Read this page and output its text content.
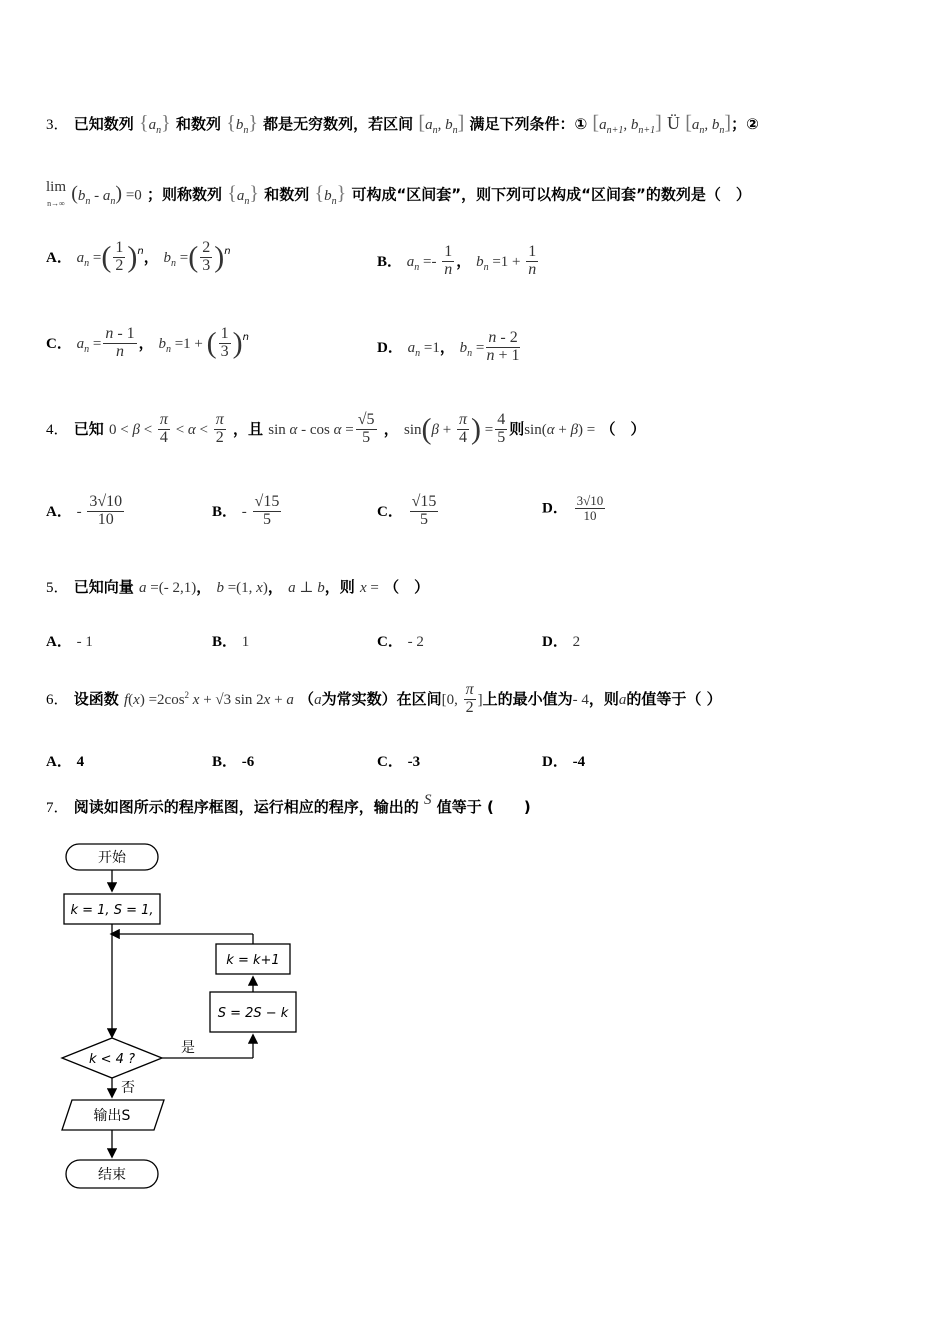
3． 已知数列 $\{a_n\}$ 和数列 $\{b_n\}$ 都是无穷数列，若区间 [$a_n$, $b_n$] 满足下列条件：① [$a_{n+1}$, $b_{n+1}$] Ü [$a_n$, $b_n$]；②
lim
n→∞ $(b_n - a_n) =0$ ；则称数列 $\{a_n\}$ 和数列 $\{b_n\}$ 可构成“区间套”，则下列可以构成“区间套”的数列是（　）
A． $a_n$ =( $\frac{1}{2} )^n$， $b_n$ =( $\frac{2}{3} )^n$
B． $a_n =- \frac{1}{n}$ ， $b_n =1 + \frac{1}{n}$
C． $a_n = \frac{n - 1}{n}$ ， $b_n =1$ + ( $\frac{1}{3} )^n$
D． $a_n =1$， $b_n = \frac{n - 2}{n + 1}$
4． 已知 $0 < \beta < \frac{\pi}{4} < \alpha < \frac{\pi}{2}$ ，且 $\sin \alpha - \cos \alpha = \frac{√5}{5}$ ， $\sin(\beta + \frac{\pi}{4}$ ) = $\frac{4}{5}$ 则sin(α + β) = （　）
A． - $\frac{3√10}{10}$	B． - $\frac{√15}{5}$	C． $\frac{√15}{5}$	D． $\frac{3√10}{10}$
5． 已知向量 a =(- 2,1)， b =(1, x)， a ⊥ b，则 x = （　）
A． - 1	B． 1	C． - 2	D． 2
6． 设函数 $f(x) =2\cos^2$ x + √3 sin 2x + a （a为常实数）在区间[0, $\frac{\pi}{2}$ ]上的最小值为- 4，则a的值等于（ ）
A． 4	B． -6	C． -3	D． -4
7． 阅读如图所示的程序框图，运行相应的程序，输出的 S 值等于 (　　)
开始
k = 1, S = 1,
k = k+1
S = 2S − k
k < 4 ?
是
否
输出S
结束
